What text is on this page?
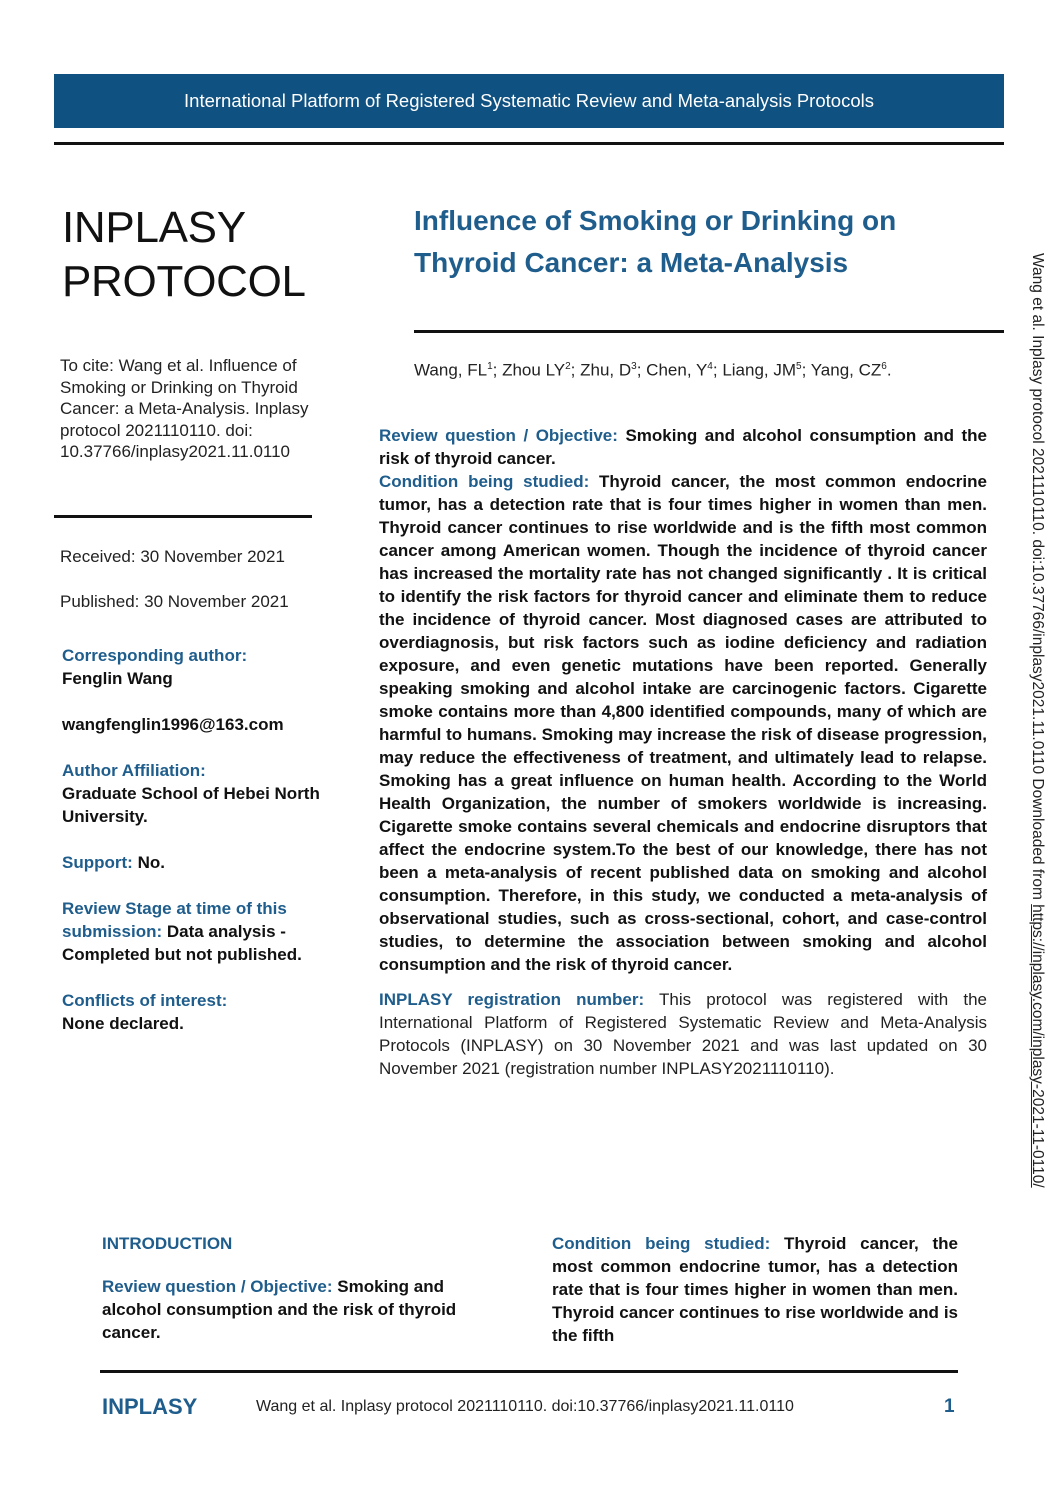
International Platform of Registered Systematic Review and Meta-analysis Protocols
INPLASY
PROTOCOL
Influence of Smoking or Drinking on
Thyroid Cancer: a Meta-Analysis
Wang, $FL^1$; Zhou $LY^2$; Zhu, $D^3$; Chen, $Y^4$; Liang, $JM^5$; Yang, $CZ^6$.
To cite: Wang et al. Influence of Smoking or Drinking on Thyroid Cancer: a Meta-Analysis. Inplasy protocol 2021110110. doi: 10.37766/inplasy2021.11.0110

Received: 30 November 2021

Published: 30 November 2021

Corresponding author:
Fenglin Wang
wangfenglin1996@163.com
Author Affiliation:
Graduate School of Hebei North University.
Support: No.
Review Stage at time of this submission: Data analysis - Completed but not published.
Conflicts of interest:
None declared.

Review question / Objective: Smoking and alcohol consumption and the risk of thyroid cancer.

Condition being studied: Thyroid cancer, the most common endocrine tumor, has a detection rate that is four times higher in women than men. Thyroid cancer continues to rise worldwide and is the fifth most common cancer among American women. Though the incidence of thyroid cancer has increased the mortality rate has not changed significantly . It is critical to identify the risk factors for thyroid cancer and eliminate them to reduce the incidence of thyroid cancer. Most diagnosed cases are attributed to overdiagnosis, but risk factors such as iodine deficiency and radiation exposure, and even genetic mutations have been reported. Generally speaking smoking and alcohol intake are carcinogenic factors. Cigarette smoke contains more than 4,800 identified compounds, many of which are harmful to humans. Smoking may increase the risk of disease progression, may reduce the effectiveness of treatment, and ultimately lead to relapse. Smoking has a great influence on human health. According to the World Health Organization, the number of smokers worldwide is increasing. Cigarette smoke contains several chemicals and endocrine disruptors that affect the endocrine system.To the best of our knowledge, there has not been a meta-analysis of recent published data on smoking and alcohol consumption. Therefore, in this study, we conducted a meta-analysis of observational studies, such as cross-sectional, cohort, and case-control studies, to determine the association between smoking and alcohol consumption and the risk of thyroid cancer.

INPLASY registration number: This protocol was registered with the International Platform of Registered Systematic Review and Meta-Analysis Protocols (INPLASY) on 30 November 2021 and was last updated on 30 November 2021 (registration number INPLASY2021110110).

INTRODUCTION

Review question / Objective: Smoking and alcohol consumption and the risk of thyroid cancer.

Condition being studied: Thyroid cancer, the most common endocrine tumor, has a detection rate that is four times higher in women than men. Thyroid cancer continues to rise worldwide and is the fifth

INPLASY	Wang et al. Inplasy protocol 2021110110. doi:10.37766/inplasy2021.11.0110	1
Wang et al. Inplasy protocol 2021110110. doi:10.37766/inplasy2021.11.0110 Downloaded from https://inplasy.com/inplasy-2021-11-0110/
